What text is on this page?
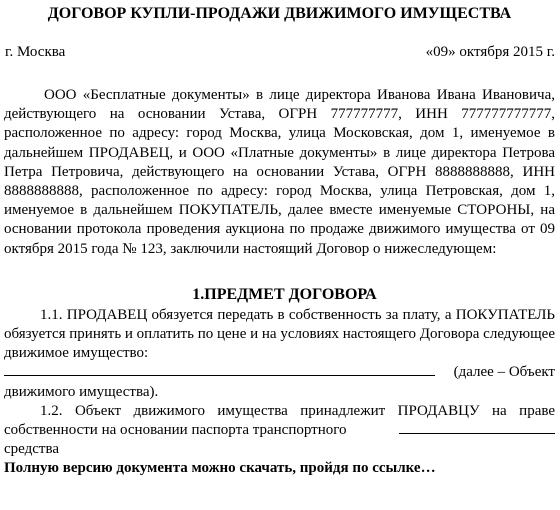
ДОГОВОР КУПЛИ-ПРОДАЖИ ДВИЖИМОГО ИМУЩЕСТВА
г. Москва	«09» октября 2015 г.

ООО «Бесплатные документы» в лице директора Иванова Ивана Ивановича, действующего на основании Устава, ОГРН 777777777, ИНН 777777777777, расположенное по адресу: город Москва, улица Московская, дом 1, именуемое в дальнейшем ПРОДАВЕЦ, и ООО «Платные документы» в лице директора Петрова Петра Петровича, действующего на основании Устава, ОГРН 8888888888, ИНН 8888888888, расположенное по адресу: город Москва, улица Петровская, дом 1, именуемое в дальнейшем ПОКУПАТЕЛЬ, далее вместе именуемые СТОРОНЫ, на основании протокола проведения аукциона по продаже движимого имущества от 09 октября 2015 года № 123, заключили настоящий Договор о нижеследующем:

1.ПРЕДМЕТ ДОГОВОРА

1.1. ПРОДАВЕЦ обязуется передать в собственность за плату, а ПОКУПАТЕЛЬ обязуется принять и оплатить по цене и на условиях настоящего Договора следующее движимое имущество:

(далее – Объект

движимого имущества).

1.2. Объект движимого имущества принадлежит ПРОДАВЦУ на праве

собственности на основании паспорта транспортного средства

Полную версию документа можно скачать, пройдя по ссылке…
